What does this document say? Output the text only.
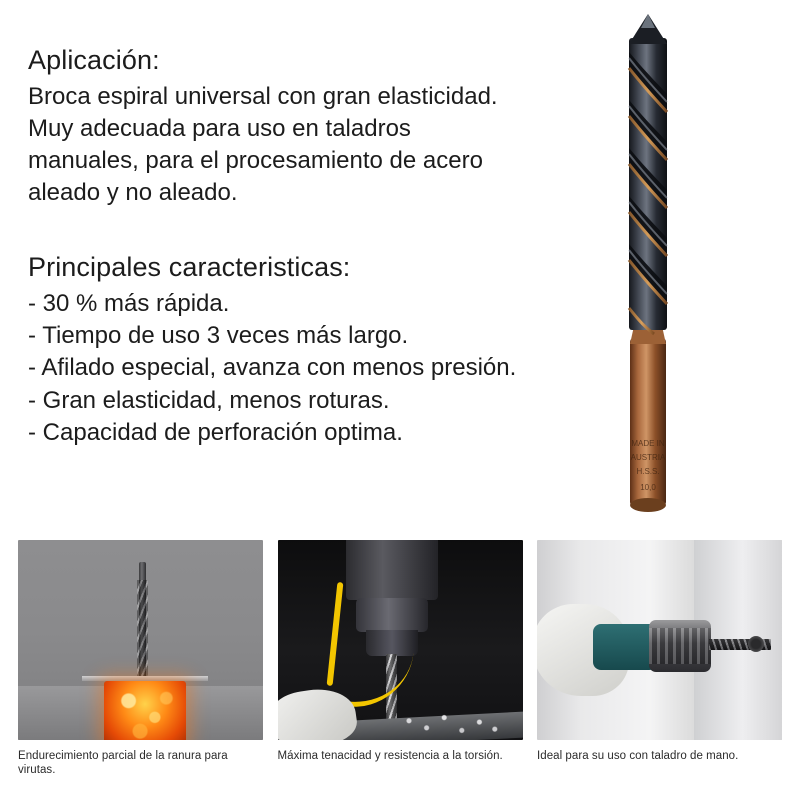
Aplicación:

Broca espiral universal con gran elasticidad.
Muy adecuada para uso en taladros
manuales, para el procesamiento de acero
aleado y no aleado.

Principales caracteristicas:
- 30 % más rápida.
- Tiempo de uso 3 veces más largo.
- Afilado especial, avanza con menos presión.
- Gran elasticidad, menos roturas.
- Capacidad de perforación optima.	MADE IN
AUSTRIA
H.S.S.
10,0
Endurecimiento parcial de la ranura para virutas.
Máxima tenacidad y resistencia a la torsión.	Ideal para su uso con taladro de mano.
